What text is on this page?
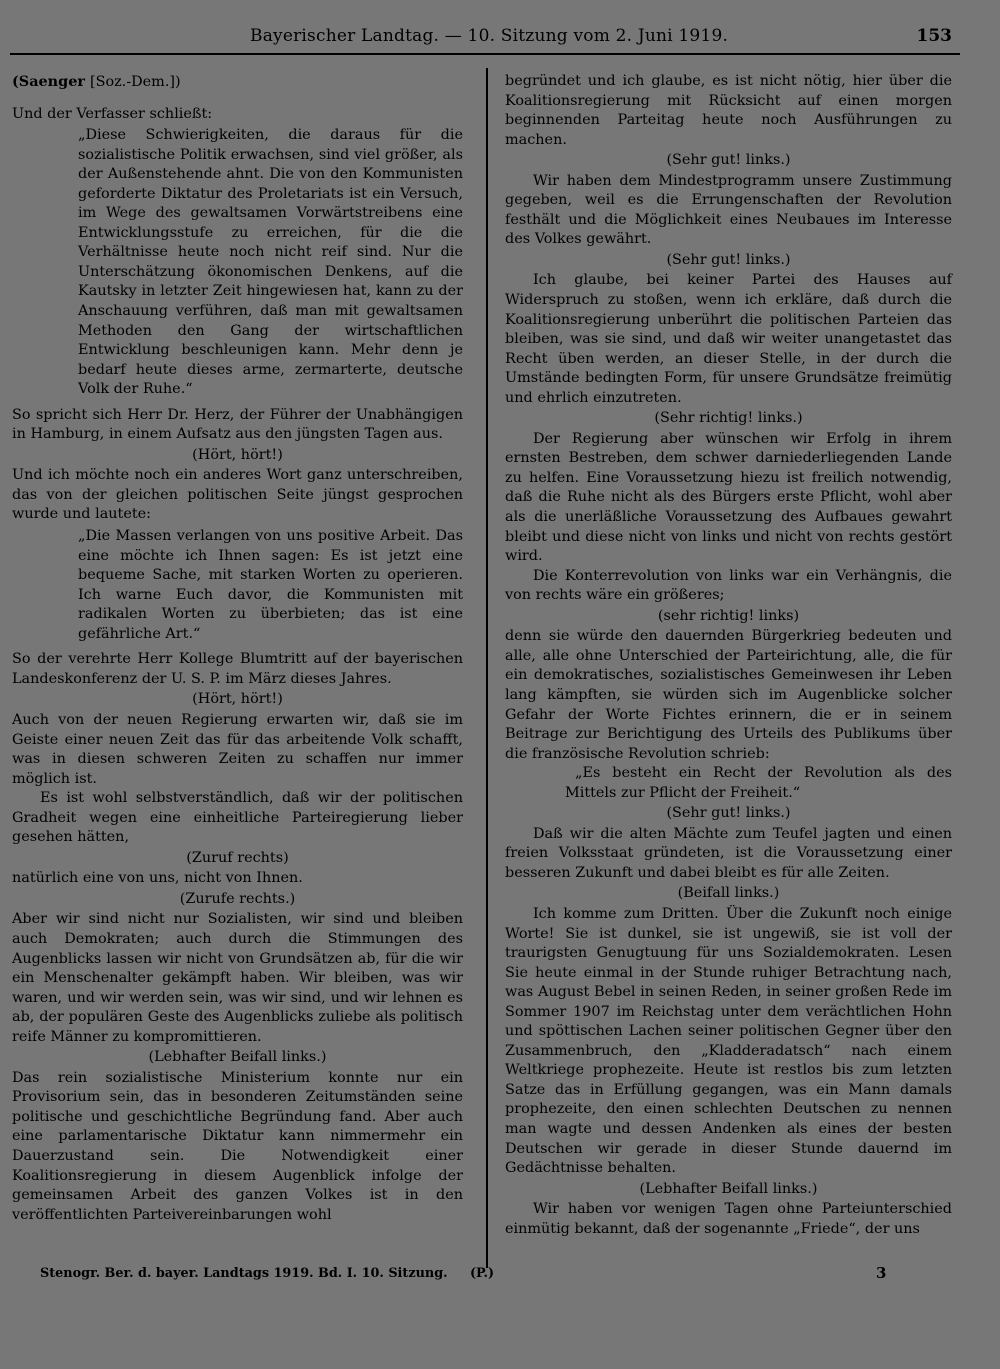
Bayerischer Landtag. — 10. Sitzung vom 2. Juni 1919.	153

(Saenger [Soz.-Dem.])

Und der Verfasser schließt:

„Diese Schwierigkeiten, die daraus für die sozialistische Politik erwachsen, sind viel größer, als der Außenstehende ahnt. Die von den Kommunisten geforderte Diktatur des Proletariats ist ein Versuch, im Wege des gewaltsamen Vorwärtstreibens eine Entwicklungsstufe zu erreichen, für die die Verhältnisse heute noch nicht reif sind. Nur die Unterschätzung ökonomischen Denkens, auf die Kautsky in letzter Zeit hingewiesen hat, kann zu der Anschauung verführen, daß man mit gewaltsamen Methoden den Gang der wirtschaftlichen Entwicklung beschleunigen kann. Mehr denn je bedarf heute dieses arme, zermarterte, deutsche Volk der Ruhe.“

So spricht sich Herr Dr. Herz, der Führer der Unabhängigen in Hamburg, in einem Aufsatz aus den jüngsten Tagen aus.

(Hört, hört!)

Und ich möchte noch ein anderes Wort ganz unterschreiben, das von der gleichen politischen Seite jüngst gesprochen wurde und lautete:

„Die Massen verlangen von uns positive Arbeit. Das eine möchte ich Ihnen sagen: Es ist jetzt eine bequeme Sache, mit starken Worten zu operieren. Ich warne Euch davor, die Kommunisten mit radikalen Worten zu überbieten; das ist eine gefährliche Art.“

So der verehrte Herr Kollege Blumtritt auf der bayerischen Landeskonferenz der U. S. P. im März dieses Jahres.

(Hört, hört!)

Auch von der neuen Regierung erwarten wir, daß sie im Geiste einer neuen Zeit das für das arbeitende Volk schafft, was in diesen schweren Zeiten zu schaffen nur immer möglich ist.

Es ist wohl selbstverständlich, daß wir der politischen Gradheit wegen eine einheitliche Parteiregierung lieber gesehen hätten,

(Zuruf rechts)

natürlich eine von uns, nicht von Ihnen.

(Zurufe rechts.)

Aber wir sind nicht nur Sozialisten, wir sind und bleiben auch Demokraten; auch durch die Stimmungen des Augenblicks lassen wir nicht von Grundsätzen ab, für die wir ein Menschenalter gekämpft haben. Wir bleiben, was wir waren, und wir werden sein, was wir sind, und wir lehnen es ab, der populären Geste des Augenblicks zuliebe als politisch reife Männer zu kompromittieren.

(Lebhafter Beifall links.)

Das rein sozialistische Ministerium konnte nur ein Provisorium sein, das in besonderen Zeitumständen seine politische und geschichtliche Begründung fand. Aber auch eine parlamentarische Diktatur kann nimmermehr ein Dauerzustand sein. Die Notwendigkeit einer Koalitionsregierung in diesem Augenblick infolge der gemeinsamen Arbeit des ganzen Volkes ist in den veröffentlichten Parteivereinbarungen wohl

begründet und ich glaube, es ist nicht nötig, hier über die Koalitionsregierung mit Rücksicht auf einen morgen beginnenden Parteitag heute noch Ausführungen zu machen.

(Sehr gut! links.)

Wir haben dem Mindestprogramm unsere Zustimmung gegeben, weil es die Errungenschaften der Revolution festhält und die Möglichkeit eines Neubaues im Interesse des Volkes gewährt.

(Sehr gut! links.)

Ich glaube, bei keiner Partei des Hauses auf Widerspruch zu stoßen, wenn ich erkläre, daß durch die Koalitionsregierung unberührt die politischen Parteien das bleiben, was sie sind, und daß wir weiter unangetastet das Recht üben werden, an dieser Stelle, in der durch die Umstände bedingten Form, für unsere Grundsätze freimütig und ehrlich einzutreten.

(Sehr richtig! links.)

Der Regierung aber wünschen wir Erfolg in ihrem ernsten Bestreben, dem schwer darniederliegenden Lande zu helfen. Eine Voraussetzung hiezu ist freilich notwendig, daß die Ruhe nicht als des Bürgers erste Pflicht, wohl aber als die unerläßliche Voraussetzung des Aufbaues gewahrt bleibt und diese nicht von links und nicht von rechts gestört wird.

Die Konterrevolution von links war ein Verhängnis, die von rechts wäre ein größeres;

(sehr richtig! links)

denn sie würde den dauernden Bürgerkrieg bedeuten und alle, alle ohne Unterschied der Parteirichtung, alle, die für ein demokratisches, sozialistisches Gemeinwesen ihr Leben lang kämpften, sie würden sich im Augenblicke solcher Gefahr der Worte Fichtes erinnern, die er in seinem Beitrage zur Berichtigung des Urteils des Publikums über die französische Revolution schrieb:

„Es besteht ein Recht der Revolution als des Mittels zur Pflicht der Freiheit.“

(Sehr gut! links.)

Daß wir die alten Mächte zum Teufel jagten und einen freien Volksstaat gründeten, ist die Voraussetzung einer besseren Zukunft und dabei bleibt es für alle Zeiten.

(Beifall links.)

Ich komme zum Dritten. Über die Zukunft noch einige Worte! Sie ist dunkel, sie ist ungewiß, sie ist voll der traurigsten Genugtuung für uns Sozialdemokraten. Lesen Sie heute einmal in der Stunde ruhiger Betrachtung nach, was August Bebel in seinen Reden, in seiner großen Rede im Sommer 1907 im Reichstag unter dem verächtlichen Hohn und spöttischen Lachen seiner politischen Gegner über den Zusammenbruch, den „Kladderadatsch“ nach einem Weltkriege prophezeite. Heute ist restlos bis zum letzten Satze das in Erfüllung gegangen, was ein Mann damals prophezeite, den einen schlechten Deutschen zu nennen man wagte und dessen Andenken als eines der besten Deutschen wir gerade in dieser Stunde dauernd im Gedächtnisse behalten.

(Lebhafter Beifall links.)

Wir haben vor wenigen Tagen ohne Parteiunterschied einmütig bekannt, daß der sogenannte „Friede“, der uns

Stenogr. Ber. d. bayer. Landtags 1919. Bd. I. 10. Sitzung. (P.)	3
